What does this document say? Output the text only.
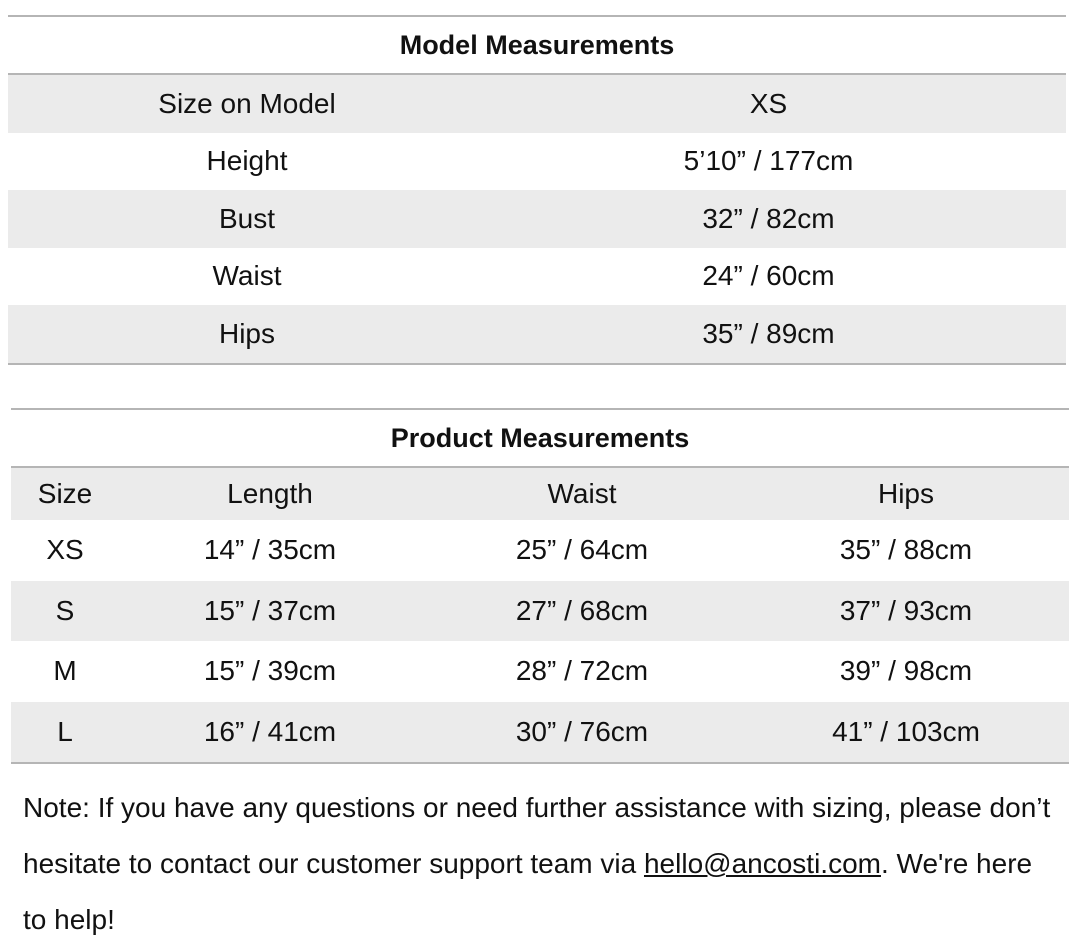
Model Measurements
Size on Model	XS
Height	5’10” / 177cm
Bust	32” / 82cm
Waist	24” / 60cm
Hips	35” / 89cm
Product Measurements
Size	Length	Waist	Hips
XS	14” / 35cm	25” / 64cm	35” / 88cm
S	15” / 37cm	27” / 68cm	37” / 93cm
M	15” / 39cm	28” / 72cm	39” / 98cm
L	16” / 41cm	30” / 76cm	41” / 103cm

Note: If you have any questions or need further assistance with sizing, please don’t hesitate to contact our customer support team via hello@ancosti.com. We're here to help!
